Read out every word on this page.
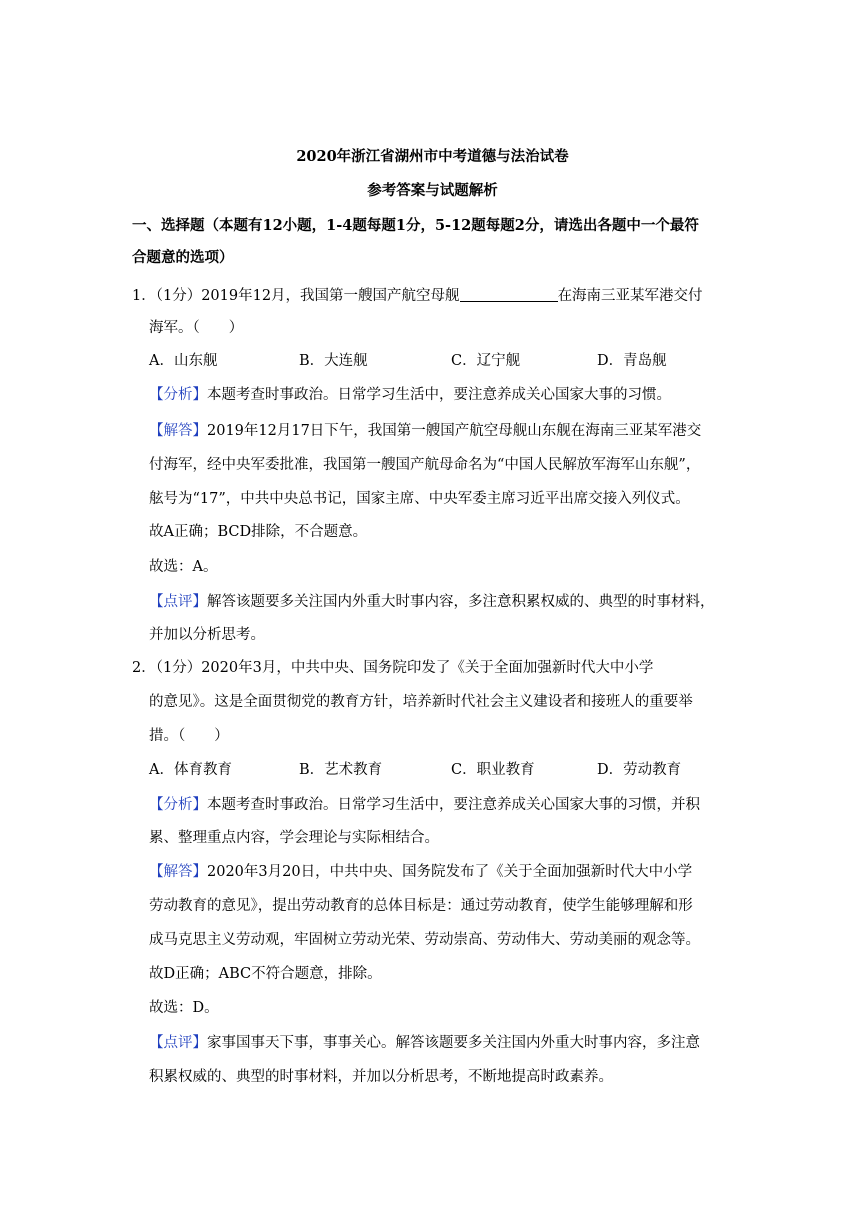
2020年浙江省湖州市中考道德与法治试卷
参考答案与试题解析
一、选择题（本题有12小题，1-4题每题1分，5-12题每题2分，请选出各题中一个最符
合题意的选项）
1．（1分）2019年12月，我国第一艘国产航空母舰	在海南三亚某军港交付
海军。（　　）
A．山东舰	B．大连舰	C．辽宁舰	D．青岛舰
【分析】本题考查时事政治。日常学习生活中，要注意养成关心国家大事的习惯。
【解答】2019年12月17日下午，我国第一艘国产航空母舰山东舰在海南三亚某军港交
付海军，经中央军委批准，我国第一艘国产航母命名为“中国人民解放军海军山东舰”，
舷号为“17”，中共中央总书记，国家主席、中央军委主席习近平出席交接入列仪式。
故A正确；BCD排除，不合题意。
故选：A。
【点评】解答该题要多关注国内外重大时事内容，多注意积累权威的、典型的时事材料，
并加以分析思考。
2．（1分）2020年3月，中共中央、国务院印发了《关于全面加强新时代大中小学
的意见》。这是全面贯彻党的教育方针，培养新时代社会主义建设者和接班人的重要举
措。（　　）
A．体育教育	B．艺术教育	C．职业教育	D．劳动教育
【分析】本题考查时事政治。日常学习生活中，要注意养成关心国家大事的习惯，并积
累、整理重点内容，学会理论与实际相结合。
【解答】2020年3月20日，中共中央、国务院发布了《关于全面加强新时代大中小学
劳动教育的意见》，提出劳动教育的总体目标是：通过劳动教育，使学生能够理解和形
成马克思主义劳动观，牢固树立劳动光荣、劳动崇高、劳动伟大、劳动美丽的观念等。
故D正确；ABC不符合题意，排除。
故选：D。
【点评】家事国事天下事，事事关心。解答该题要多关注国内外重大时事内容，多注意
积累权威的、典型的时事材料，并加以分析思考，不断地提高时政素养。
